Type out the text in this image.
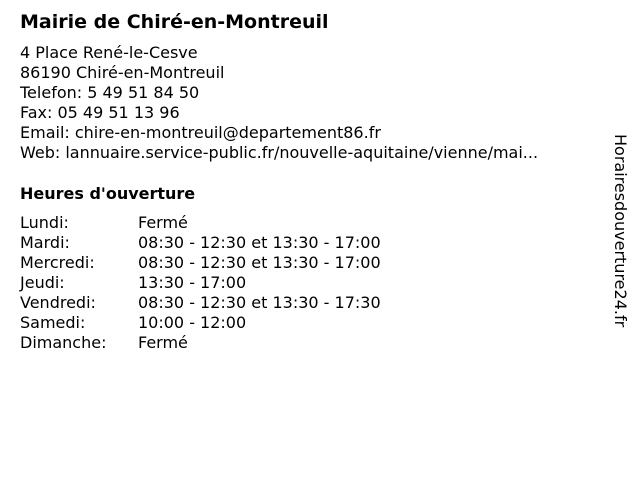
Mairie de Chiré-en-Montreuil
4 Place René-le-Cesve
86190 Chiré-en-Montreuil
Telefon: 5 49 51 84 50
Fax: 05 49 51 13 96
Email: chire-en-montreuil@departement86.fr
Web: lannuaire.service-public.fr/nouvelle-aquitaine/vienne/mai...
Heures d'ouverture
Lundi:	Fermé
Mardi:	08:30 - 12:30 et 13:30 - 17:00
Mercredi:	08:30 - 12:30 et 13:30 - 17:00
Jeudi:	13:30 - 17:00
Vendredi:	08:30 - 12:30 et 13:30 - 17:30
Samedi:	10:00 - 12:00
Dimanche: Fermé
Horairesdouverture24.fr
